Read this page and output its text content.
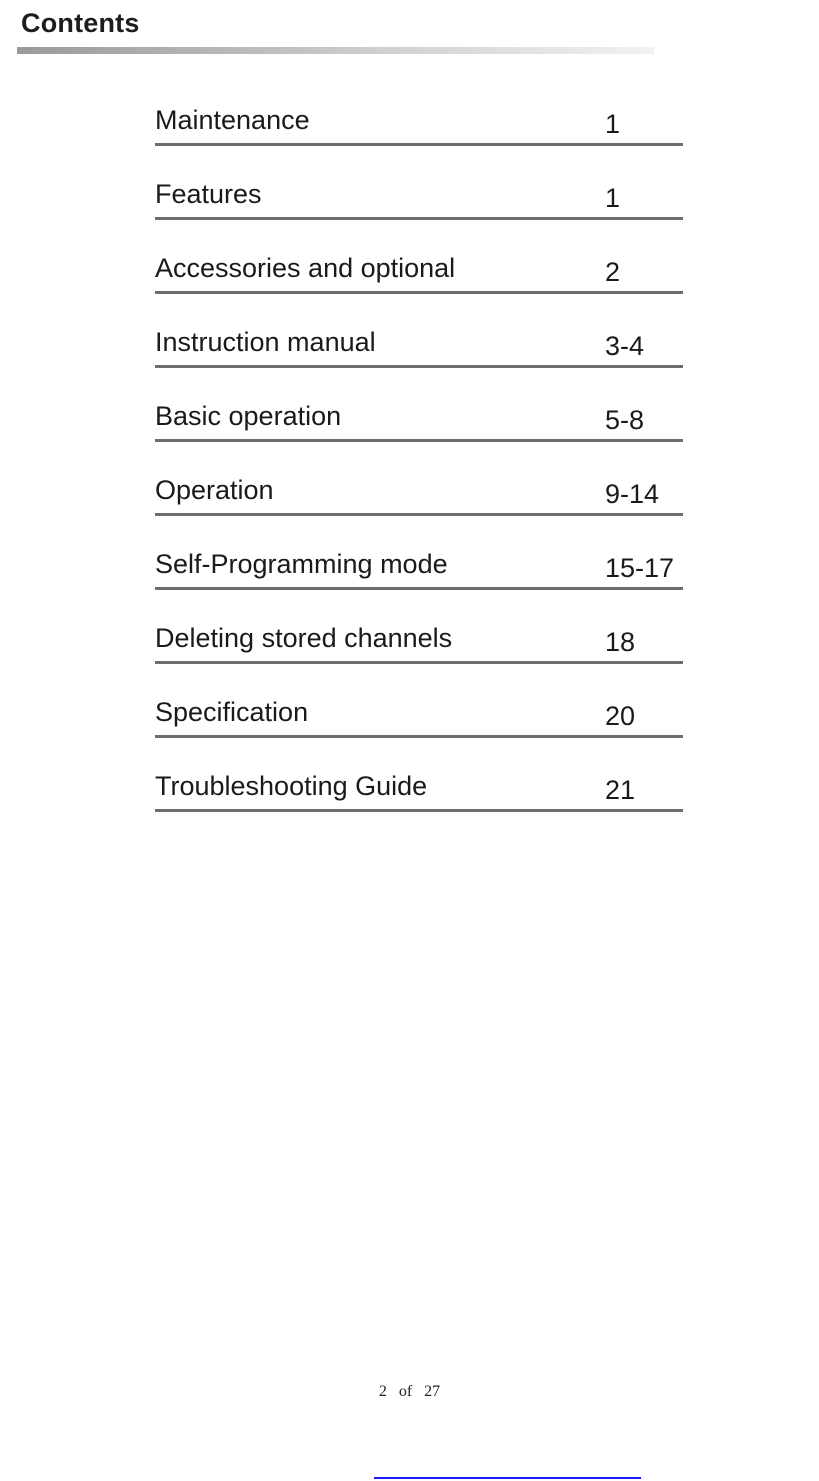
Contents
Maintenance	1
Features	1
Accessories and optional	2
Instruction manual	3-4
Basic operation	5-8
Operation	9-14
Self-Programming mode	15-17
Deleting stored channels	18
Specification	20
Troubleshooting Guide	21
2 of 27
